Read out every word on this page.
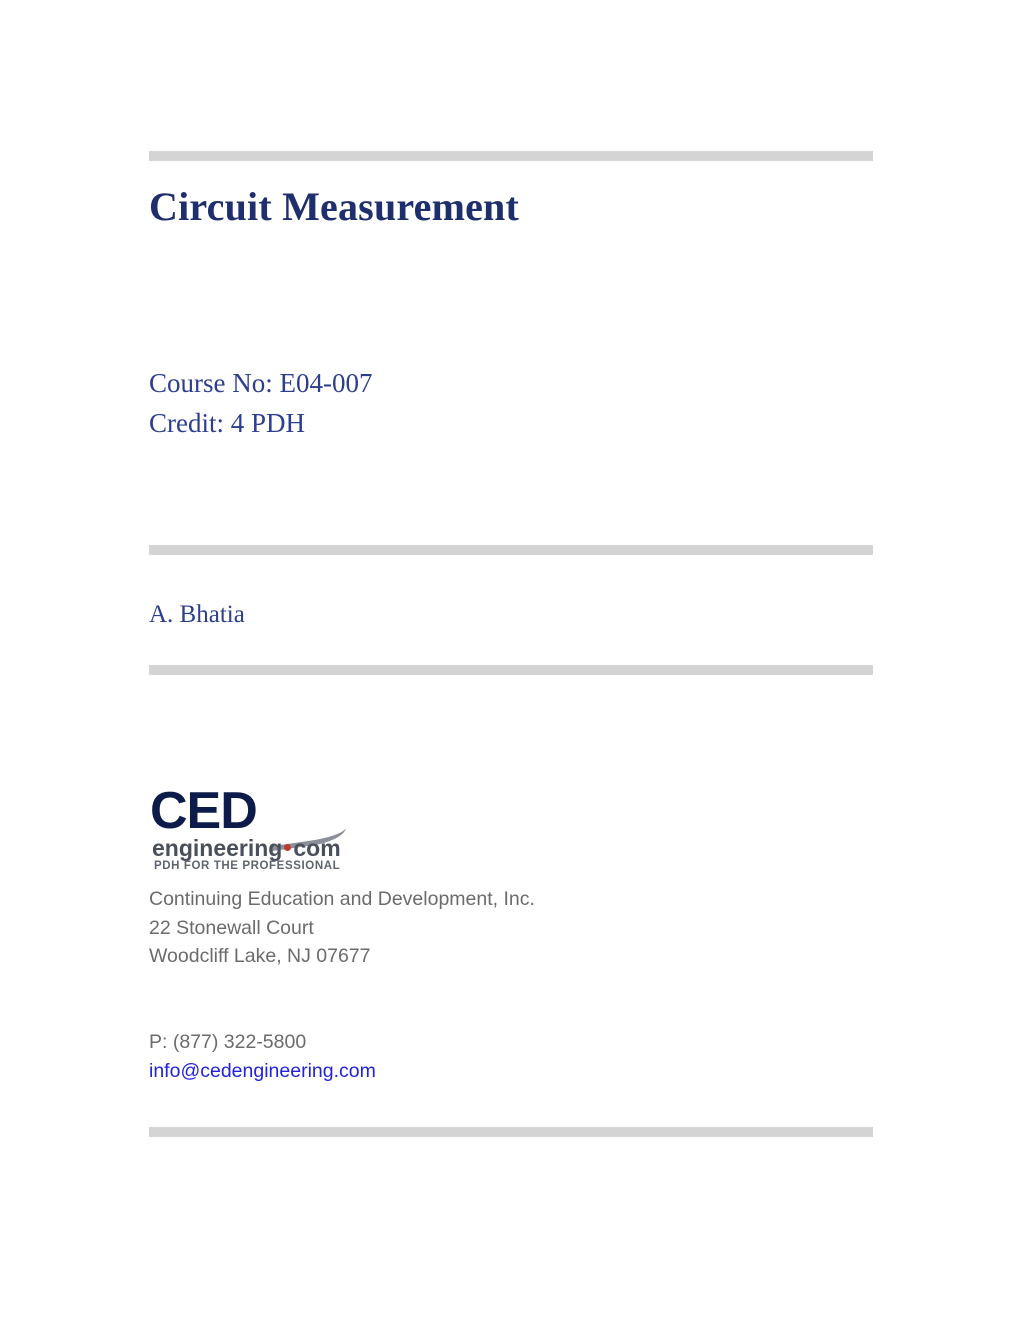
Circuit Measurement
Course No: E04-007
Credit: 4 PDH
A. Bhatia
CED
engineering com
PDH FOR THE PROFESSIONAL
Continuing Education and Development, Inc.
22 Stonewall Court
Woodcliff Lake, NJ 07677
P: (877) 322-5800
info@cedengineering.com
